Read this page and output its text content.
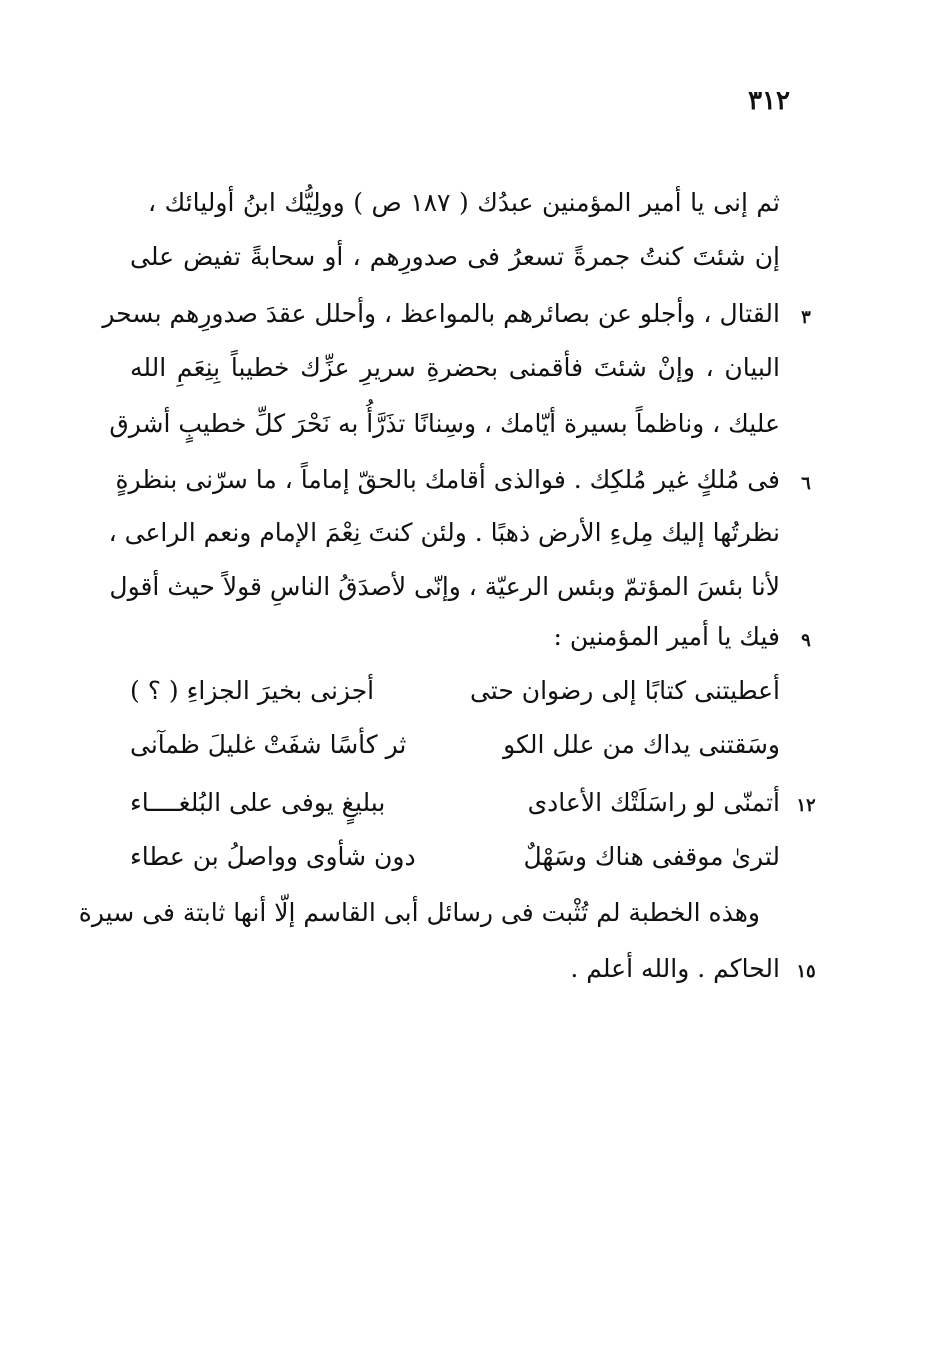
٣١٢
ثم إنى يا أمير المؤمنين عبدُك ( ١٨٧ ص ) وولِيُّك ابنُ أوليائك ،
إن شئتَ كنتُ جمرةً تسعرُ فى صدورِهم ، أو سحابةً تفيض على
القتال ، وأجلو عن بصائرهم بالمواعظ ، وأحلل عقدَ صدورِهم بسحر
البيان ، وإنْ شئتَ فأقمنى بحضرةِ سريرِ عزِّك خطيباً بِنِعَمِ الله
عليك ، وناظماً بسيرة أيّامك ، وسِنانًا تذَرَّأُ به نَحْرَ كلِّ خطيبٍ أشرق
فى مُلكٍ غير مُلكِك . فوالذى أقامك بالحقّ إماماً ، ما سرّنى بنظرةٍ
نظرتُها إليك مِلءِ الأرض ذهبًا . ولئن كنتَ نِعْمَ الإمام ونعم الراعى ،
لأنا بئسَ المؤتمّ وبئس الرعيّة ، وإنّى لأصدَقُ الناسِ قولاً حيث أقول
فيك يا أمير المؤمنين :
أعطيتنى كتابًا إلى رضوان حتى
أجزنى بخيرَ الجزاءِ ( ؟ )
وسَقتنى يداك من علل الكو
ثر كأسًا شفَتْ غليلَ ظمآنى
أتمنّى لو راسَلَتْك الأعادى
ببليغٍ يوفى على البُلغــــاء
لترىٰ موقفى هناك وسَهْلٌ
دون شأوى وواصلُ بن عطاء
وهذه الخطبة لم تُثْبت فى رسائل أبى القاسم إلّا أنها ثابتة فى سيرة
الحاكم . والله أعلم .
٣
٦
٩
١٢
١٥
